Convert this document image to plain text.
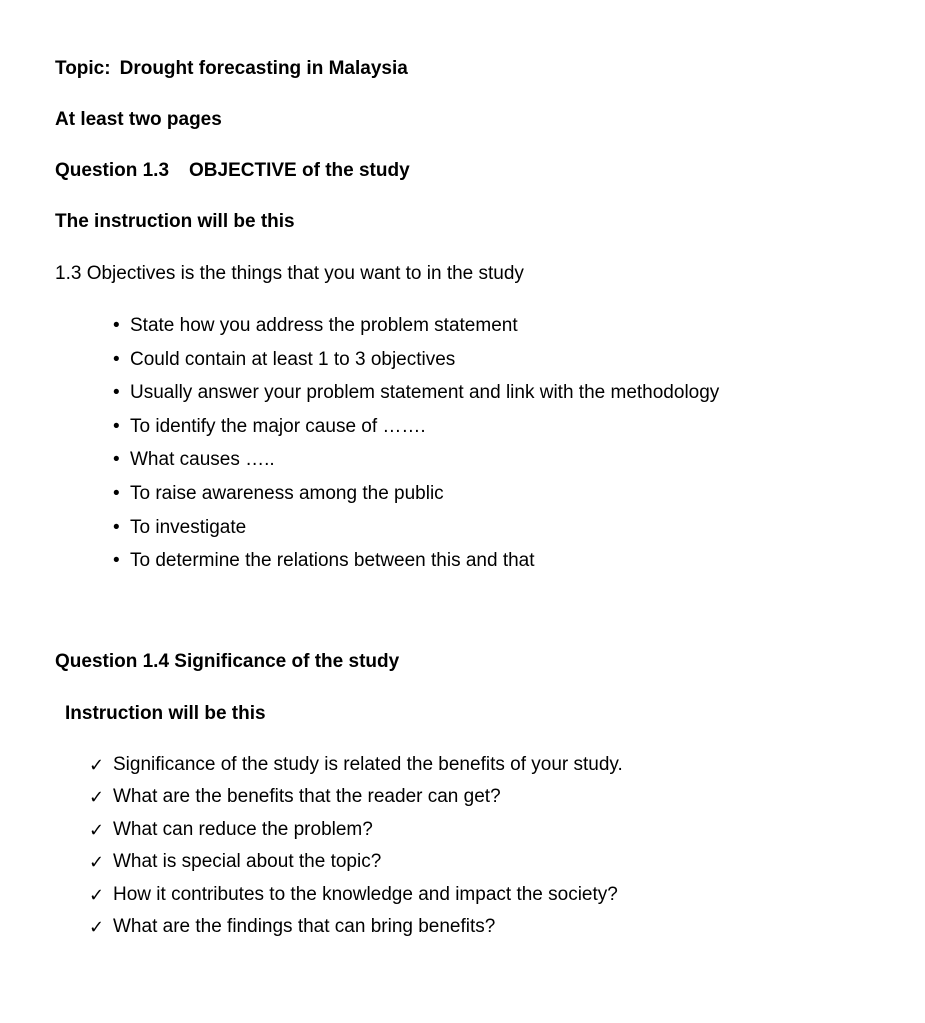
Topic: Drought forecasting in Malaysia
At least two pages
Question 1.3 OBJECTIVE of the study
The instruction will be this
1.3 Objectives is the things that you want to in the study
• State how you address the problem statement
• Could contain at least 1 to 3 objectives
• Usually answer your problem statement and link with the methodology
• To identify the major cause of …….
• What causes …..
• To raise awareness among the public
• To investigate
• To determine the relations between this and that
Question 1.4 Significance of the study
Instruction will be this
✓ Significance of the study is related the benefits of your study.
✓ What are the benefits that the reader can get?
✓ What can reduce the problem?
✓ What is special about the topic?
✓ How it contributes to the knowledge and impact the society?
✓ What are the findings that can bring benefits?
